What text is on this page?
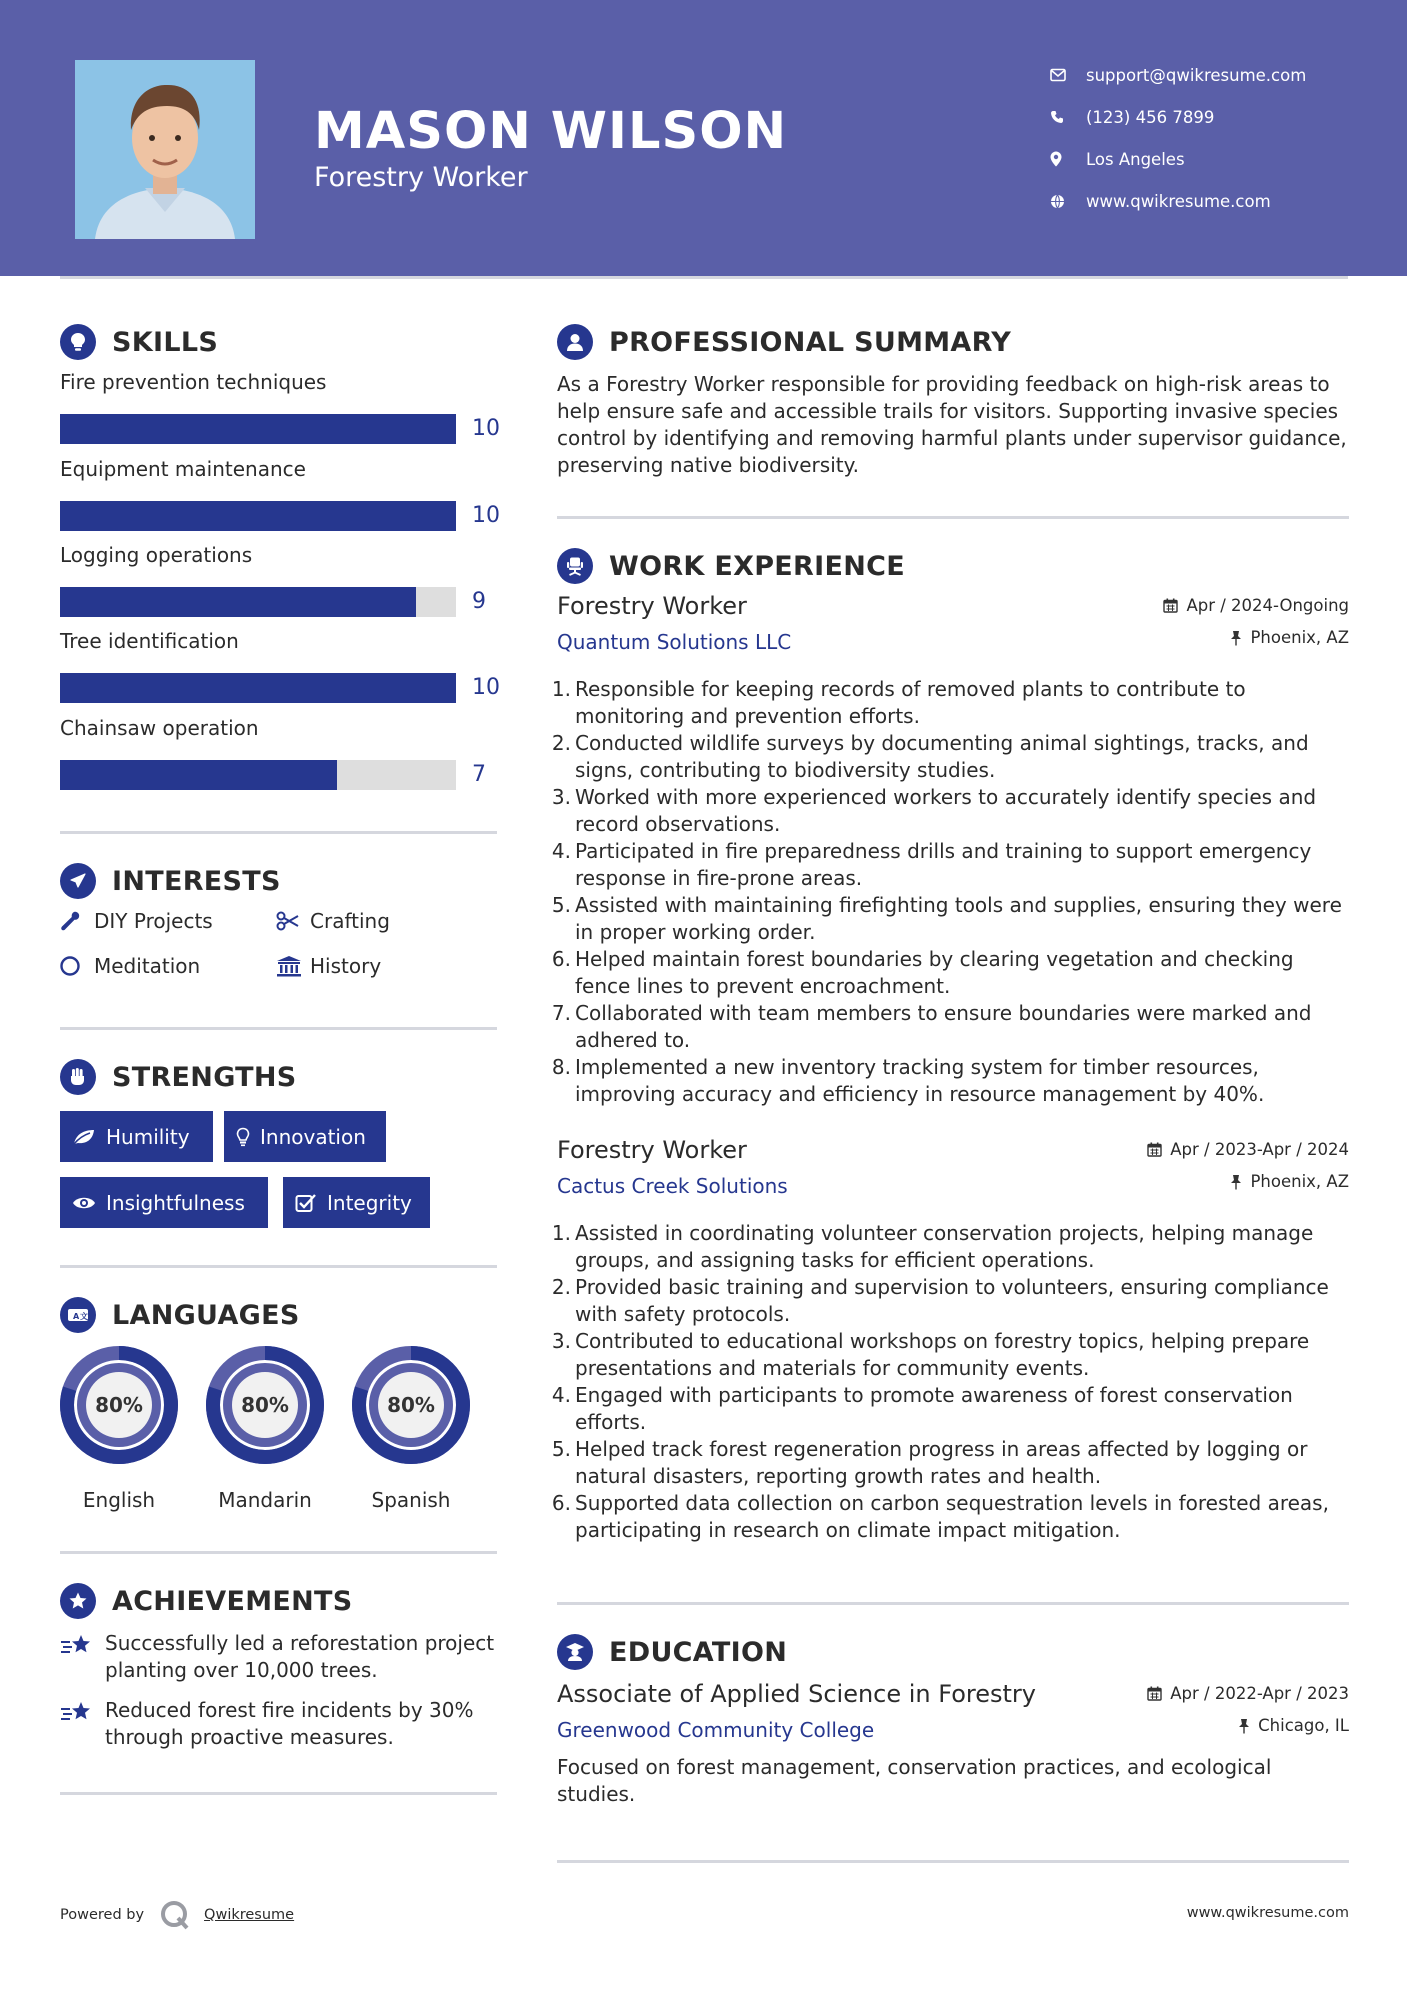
MASON WILSON
Forestry Worker
support@qwikresume.com
(123) 456 7899
Los Angeles
www.qwikresume.com
SKILLS
Fire prevention techniques
10
Equipment maintenance
10
Logging operations
9
Tree identification
10
Chainsaw operation
7
INTERESTS
DIY Projects	Crafting
Meditation	History
STRENGTHS
Humility	Innovation
Insightfulness	Integrity
A 文 LANGUAGES
80%
English
80%
Mandarin
80%
Spanish
ACHIEVEMENTS
Successfully led a reforestation project planting over 10,000 trees.
Reduced forest fire incidents by 30% through proactive measures.
PROFESSIONAL SUMMARY
As a Forestry Worker responsible for providing feedback on high-risk areas to help ensure safe and accessible trails for visitors. Supporting invasive species control by identifying and removing harmful plants under supervisor guidance, preserving native biodiversity.
WORK EXPERIENCE
Forestry Worker
Quantum Solutions LLC
Apr / 2024-Ongoing
Phoenix, AZ
1. Responsible for keeping records of removed plants to contribute to monitoring and prevention efforts.
2. Conducted wildlife surveys by documenting animal sightings, tracks, and signs, contributing to biodiversity studies.
3. Worked with more experienced workers to accurately identify species and record observations.
4. Participated in fire preparedness drills and training to support emergency response in fire-prone areas.
5. Assisted with maintaining firefighting tools and supplies, ensuring they were in proper working order.
6. Helped maintain forest boundaries by clearing vegetation and checking fence lines to prevent encroachment.
7. Collaborated with team members to ensure boundaries were marked and adhered to.
8. Implemented a new inventory tracking system for timber resources, improving accuracy and efficiency in resource management by 40%.
Forestry Worker
Cactus Creek Solutions
Apr / 2023-Apr / 2024
Phoenix, AZ
1. Assisted in coordinating volunteer conservation projects, helping manage groups, and assigning tasks for efficient operations.
2. Provided basic training and supervision to volunteers, ensuring compliance with safety protocols.
3. Contributed to educational workshops on forestry topics, helping prepare presentations and materials for community events.
4. Engaged with participants to promote awareness of forest conservation efforts.
5. Helped track forest regeneration progress in areas affected by logging or natural disasters, reporting growth rates and health.
6. Supported data collection on carbon sequestration levels in forested areas, participating in research on climate impact mitigation.
EDUCATION
Associate of Applied Science in Forestry
Greenwood Community College
Apr / 2022-Apr / 2023
Chicago, IL
Focused on forest management, conservation practices, and ecological studies.
Powered by	Qwikresume	www.qwikresume.com
